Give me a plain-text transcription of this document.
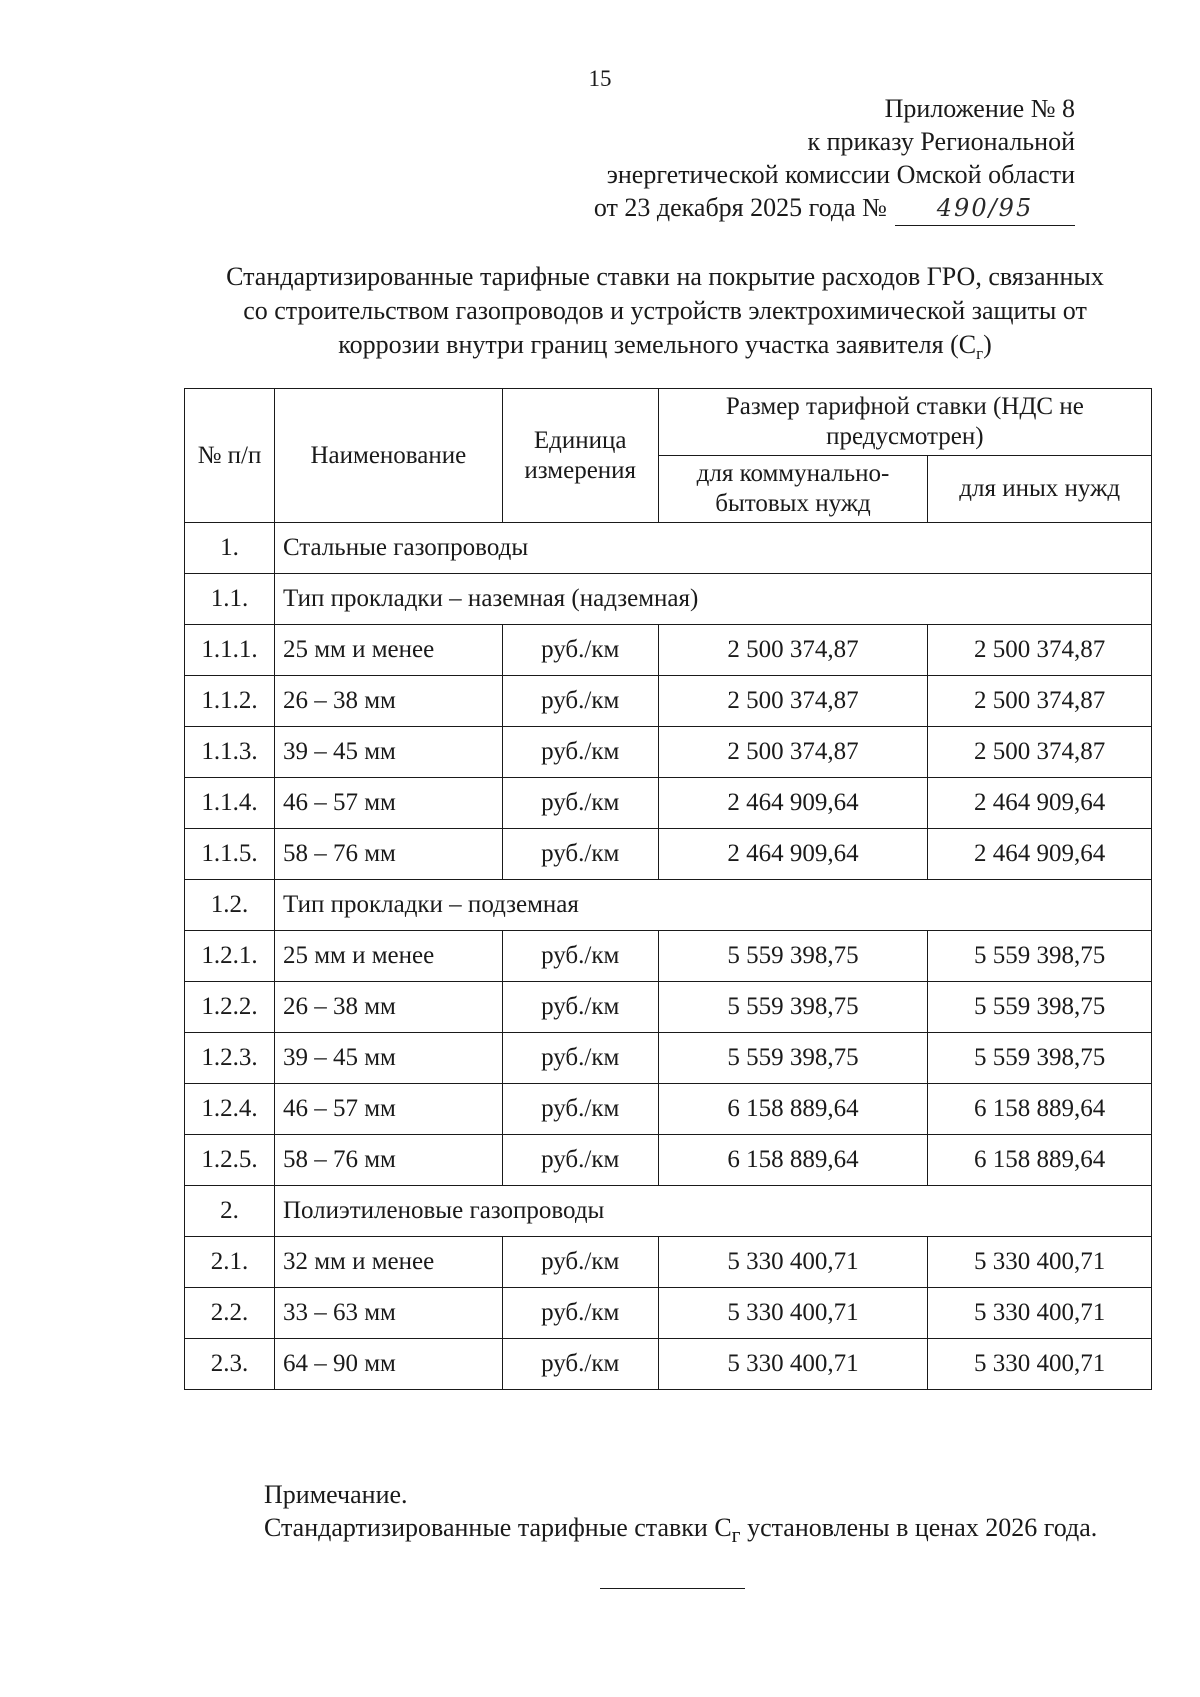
15
Приложение № 8
к приказу Региональной
энергетической комиссии Омской области
от 23 декабря 2025 года № 490/95
Стандартизированные тарифные ставки на покрытие расходов ГРО, связанных
со строительством газопроводов и устройств электрохимической защиты от
коррозии внутри границ земельного участка заявителя $(С_г)$
№ п/п	Наименование	Единица измерения	Размер тарифной ставки (НДС не предусмотрен)	
			для коммунально-бытовых нужд	для иных нужд
1.	Стальные газопроводы			
1.1.	Тип прокладки – наземная (надземная)			
1.1.1.	25 мм и менее	руб./км	2 500 374,87	2 500 374,87
1.1.2.	26 – 38 мм	руб./км	2 500 374,87	2 500 374,87
1.1.3.	39 – 45 мм	руб./км	2 500 374,87	2 500 374,87
1.1.4.	46 – 57 мм	руб./км	2 464 909,64	2 464 909,64
1.1.5.	58 – 76 мм	руб./км	2 464 909,64	2 464 909,64
1.2.	Тип прокладки – подземная			
1.2.1.	25 мм и менее	руб./км	5 559 398,75	5 559 398,75
1.2.2.	26 – 38 мм	руб./км	5 559 398,75	5 559 398,75
1.2.3.	39 – 45 мм	руб./км	5 559 398,75	5 559 398,75
1.2.4.	46 – 57 мм	руб./км	6 158 889,64	6 158 889,64
1.2.5.	58 – 76 мм	руб./км	6 158 889,64	6 158 889,64
2.	Полиэтиленовые газопроводы			
2.1.	32 мм и менее	руб./км	5 330 400,71	5 330 400,71
2.2.	33 – 63 мм	руб./км	5 330 400,71	5 330 400,71
2.3.	64 – 90 мм	руб./км	5 330 400,71	5 330 400,71
Примечание.
Стандартизированные тарифные ставки $С_г$ установлены в ценах 2026 года.
